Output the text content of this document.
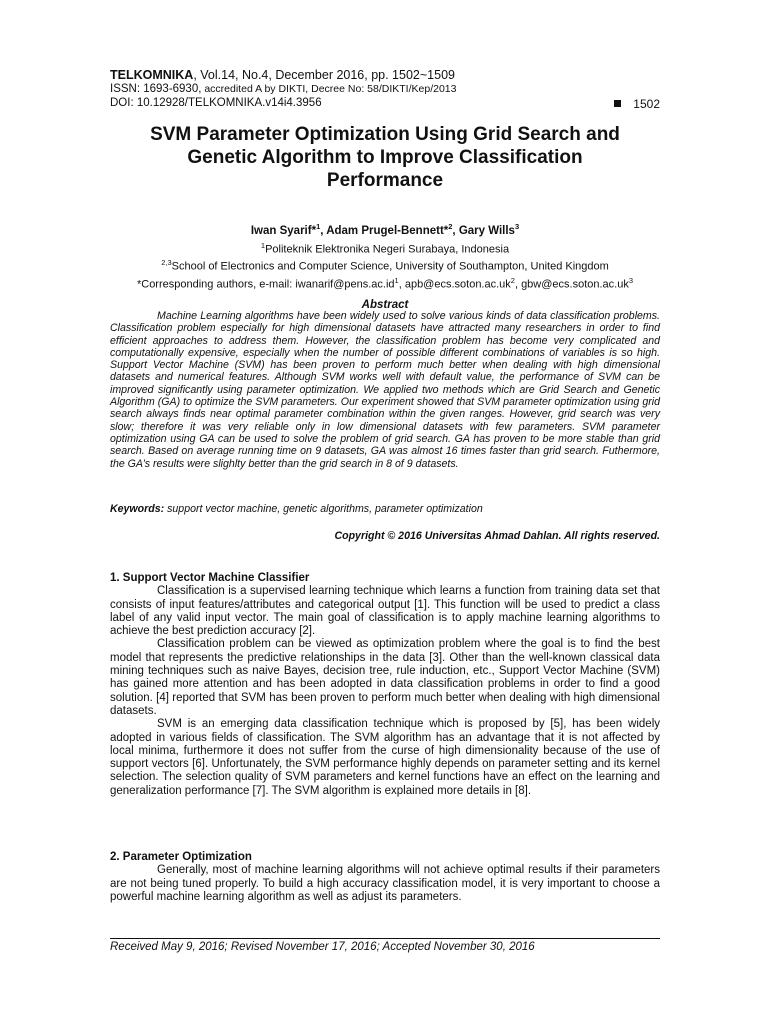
TELKOMNIKA, Vol.14, No.4, December 2016, pp. 1502~1509
ISSN: 1693-6930, accredited A by DIKTI, Decree No: 58/DIKTI/Kep/2013
DOI: 10.12928/TELKOMNIKA.v14i4.3956	1502
SVM Parameter Optimization Using Grid Search and
Genetic Algorithm to Improve Classification
Performance
Iwan Syarif*$^1$, Adam Prugel-Bennett*$^2$, Gary Wills$^3$
$^1$Politeknik Elektronika Negeri Surabaya, Indonesia
$^{2,3}$School of Electronics and Computer Science, University of Southampton, United Kingdom
*Corresponding authors, e-mail: $iwanarif@pens.ac.id^1$, $apb@ecs.soton.ac.uk^2$, $gbw@ecs.soton.ac.uk^3$
Abstract

Machine Learning algorithms have been widely used to solve various kinds of data classification problems. Classification problem especially for high dimensional datasets have attracted many researchers in order to find efficient approaches to address them. However, the classification problem has become very complicated and computationally expensive, especially when the number of possible different combinations of variables is so high. Support Vector Machine (SVM) has been proven to perform much better when dealing with high dimensional datasets and numerical features. Although SVM works well with default value, the performance of SVM can be improved significantly using parameter optimization. We applied two methods which are Grid Search and Genetic Algorithm (GA) to optimize the SVM parameters. Our experiment showed that SVM parameter optimization using grid search always finds near optimal parameter combination within the given ranges. However, grid search was very slow; therefore it was very reliable only in low dimensional datasets with few parameters. SVM parameter optimization using GA can be used to solve the problem of grid search. GA has proven to be more stable than grid search. Based on average running time on 9 datasets, GA was almost 16 times faster than grid search. Futhermore, the GA’s results were slighlty better than the grid search in 8 of 9 datasets.

Keywords: support vector machine, genetic algorithms, parameter optimization
Copyright © 2016 Universitas Ahmad Dahlan. All rights reserved.
1. Support Vector Machine Classifier

Classification is a supervised learning technique which learns a function from training data set that consists of input features/attributes and categorical output [1]. This function will be used to predict a class label of any valid input vector. The main goal of classification is to apply machine learning algorithms to achieve the best prediction accuracy [2].

Classification problem can be viewed as optimization problem where the goal is to find the best model that represents the predictive relationships in the data [3]. Other than the well-known classical data mining techniques such as naive Bayes, decision tree, rule induction, etc., Support Vector Machine (SVM) has gained more attention and has been adopted in data classification problems in order to find a good solution. [4] reported that SVM has been proven to perform much better when dealing with high dimensional datasets.

SVM is an emerging data classification technique which is proposed by [5], has been widely adopted in various fields of classification. The SVM algorithm has an advantage that it is not affected by local minima, furthermore it does not suffer from the curse of high dimensionality because of the use of support vectors [6]. Unfortunately, the SVM performance highly depends on parameter setting and its kernel selection. The selection quality of SVM parameters and kernel functions have an effect on the learning and generalization performance [7]. The SVM algorithm is explained more details in [8].

2. Parameter Optimization

Generally, most of machine learning algorithms will not achieve optimal results if their parameters are not being tuned properly. To build a high accuracy classification model, it is very important to choose a powerful machine learning algorithm as well as adjust its parameters.

Received May 9, 2016; Revised November 17, 2016; Accepted November 30, 2016
